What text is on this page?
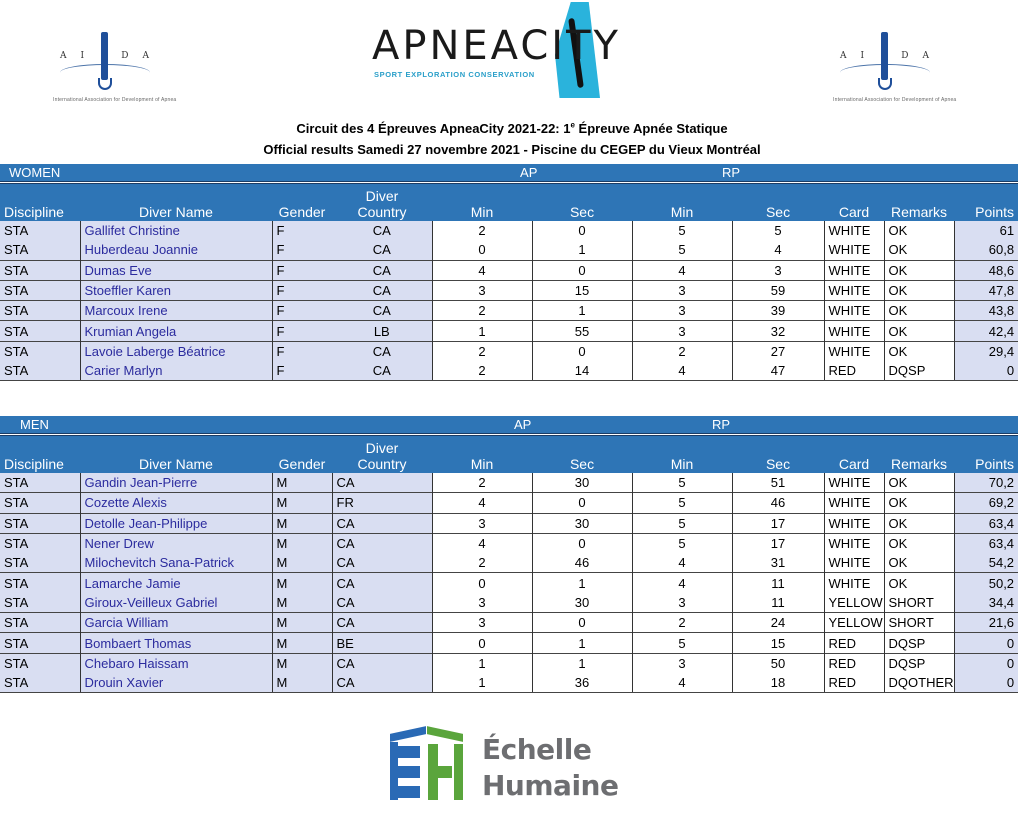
A I	D A
International Association for Development of Apnea
APNEACITY
SPORT EXPLORATION CONSERVATION
A I	D A
International Association for Development of Apnea
Circuit des 4 Épreuves ApneaCity 2021-22: 1e Épreuve Apnée Statique
Official results Samedi 27 novembre 2021 - Piscine du CEGEP du Vieux Montréal
WOMEN				AP		RP				
Discipline	Diver Name	Gender	Diver
Country	Min	Sec	Min	Sec	Card	Remarks	Points
STA	Gallifet Christine	F	CA	2	0	5	5	WHITE	OK	61
STA	Huberdeau Joannie	F	CA	0	1	5	4	WHITE	OK	60,8
STA	Dumas Eve	F	CA	4	0	4	3	WHITE	OK	48,6
STA	Stoeffler Karen	F	CA	3	15	3	59	WHITE	OK	47,8
STA	Marcoux Irene	F	CA	2	1	3	39	WHITE	OK	43,8
STA	Krumian Angela	F	LB	1	55	3	32	WHITE	OK	42,4
STA	Lavoie Laberge Béatrice	F	CA	2	0	2	27	WHITE	OK	29,4
STA	Carier Marlyn	F	CA	2	14	4	47	RED	DQSP	0
MEN				AP		RP				
Discipline	Diver Name	Gender	Diver
Country	Min	Sec	Min	Sec	Card	Remarks	Points
STA	Gandin Jean-Pierre	M	CA	2	30	5	51	WHITE	OK	70,2
STA	Cozette Alexis	M	FR	4	0	5	46	WHITE	OK	69,2
STA	Detolle Jean-Philippe	M	CA	3	30	5	17	WHITE	OK	63,4
STA	Nener Drew	M	CA	4	0	5	17	WHITE	OK	63,4
STA	Milochevitch Sana-Patrick	M	CA	2	46	4	31	WHITE	OK	54,2
STA	Lamarche Jamie	M	CA	0	1	4	11	WHITE	OK	50,2
STA	Giroux-Veilleux Gabriel	M	CA	3	30	3	11	YELLOW	SHORT	34,4
STA	Garcia William	M	CA	3	0	2	24	YELLOW	SHORT	21,6
STA	Bombaert Thomas	M	BE	0	1	5	15	RED	DQSP	0
STA	Chebaro Haissam	M	CA	1	1	3	50	RED	DQSP	0
STA	Drouin Xavier	M	CA	1	36	4	18	RED	DQOTHER	0
Échelle
Humaine
